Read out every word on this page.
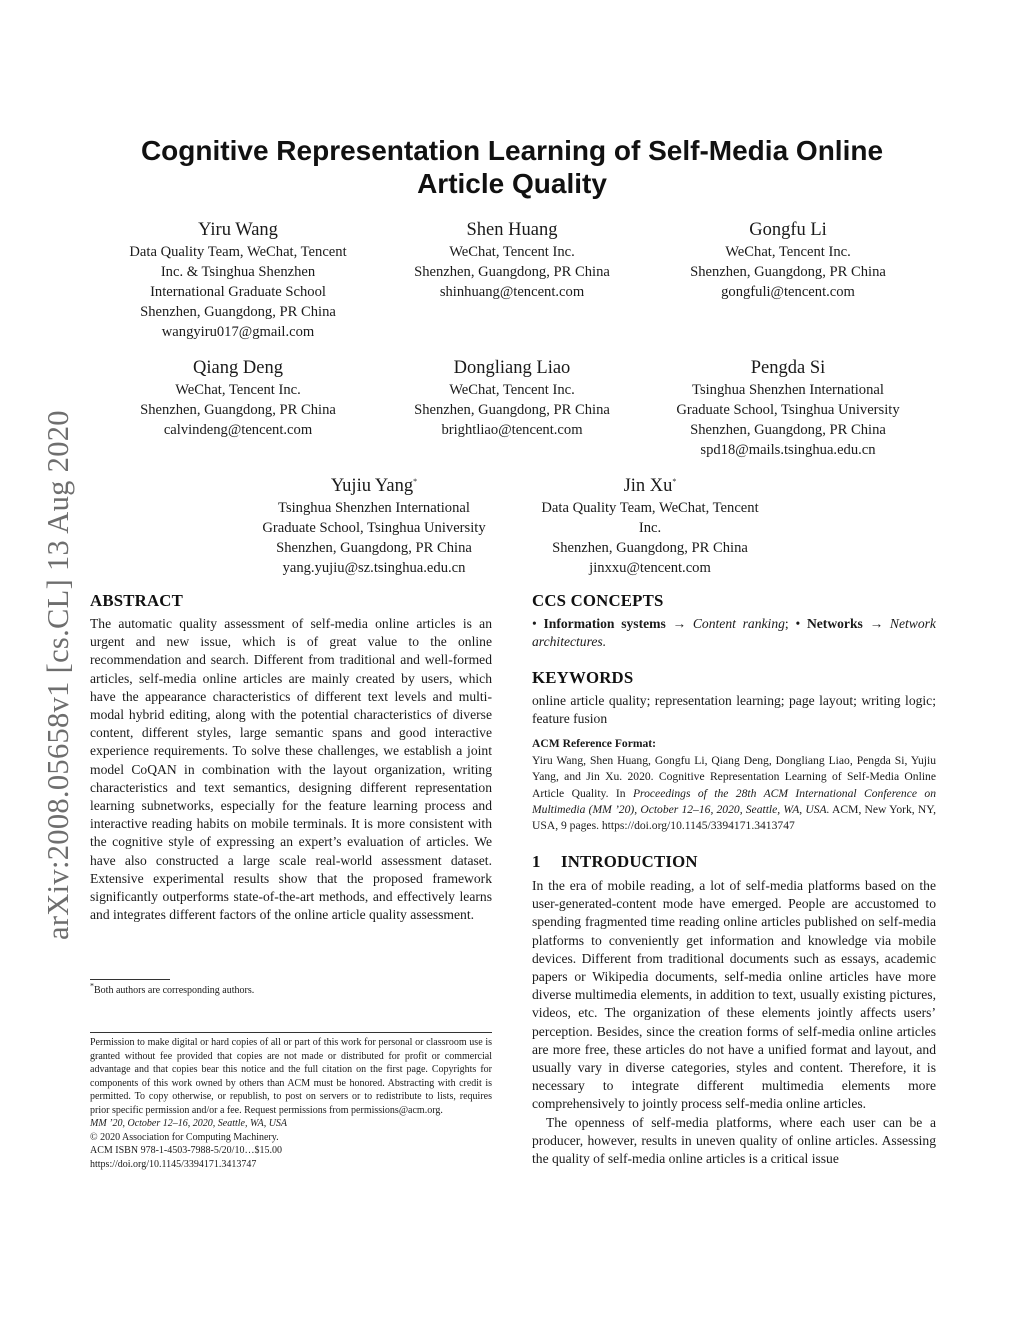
Cognitive Representation Learning of Self-Media Online
Article Quality
Yiru Wang
Data Quality Team, WeChat, Tencent
Inc. & Tsinghua Shenzhen
International Graduate School
Shenzhen, Guangdong, PR China
wangyiru017@gmail.com
Shen Huang
WeChat, Tencent Inc.
Shenzhen, Guangdong, PR China
shinhuang@tencent.com
Gongfu Li
WeChat, Tencent Inc.
Shenzhen, Guangdong, PR China
gongfuli@tencent.com
Qiang Deng
WeChat, Tencent Inc.
Shenzhen, Guangdong, PR China
calvindeng@tencent.com
Dongliang Liao
WeChat, Tencent Inc.
Shenzhen, Guangdong, PR China
brightliao@tencent.com
Pengda Si
Tsinghua Shenzhen International
Graduate School, Tsinghua University
Shenzhen, Guangdong, PR China
spd18@mails.tsinghua.edu.cn
Yujiu Yang*
Tsinghua Shenzhen International
Graduate School, Tsinghua University
Shenzhen, Guangdong, PR China
yang.yujiu@sz.tsinghua.edu.cn
Jin Xu*
Data Quality Team, WeChat, Tencent
Inc.
Shenzhen, Guangdong, PR China
jinxxu@tencent.com
arXiv:2008.05658v1 [cs.CL] 13 Aug 2020 ABSTRACT
The automatic quality assessment of self-media online articles is an urgent and new issue, which is of great value to the online recommendation and search. Different from traditional and well-formed articles, self-media online articles are mainly created by users, which have the appearance characteristics of different text levels and multi-modal hybrid editing, along with the potential characteristics of diverse content, different styles, large semantic spans and good interactive experience requirements. To solve these challenges, we establish a joint model CoQAN in combination with the layout organization, writing characteristics and text semantics, designing different representation learning subnetworks, especially for the feature learning process and interactive reading habits on mobile terminals. It is more consistent with the cognitive style of expressing an expert’s evaluation of articles. We have also constructed a large scale real-world assessment dataset. Extensive experimental results show that the proposed framework significantly outperforms state-of-the-art methods, and effectively learns and integrates different factors of the online article quality assessment.
*Both authors are corresponding authors.
Permission to make digital or hard copies of all or part of this work for personal or classroom use is granted without fee provided that copies are not made or distributed for profit or commercial advantage and that copies bear this notice and the full citation on the first page. Copyrights for components of this work owned by others than ACM must be honored. Abstracting with credit is permitted. To copy otherwise, or republish, to post on servers or to redistribute to lists, requires prior specific permission and/or a fee. Request permissions from permissions@acm.org.
MM ’20, October 12–16, 2020, Seattle, WA, USA
© 2020 Association for Computing Machinery.
ACM ISBN 978-1-4503-7988-5/20/10…$15.00
https://doi.org/10.1145/3394171.3413747
CCS CONCEPTS
• Information systems → Content ranking; • Networks → Network architectures.
KEYWORDS
online article quality; representation learning; page layout; writing logic; feature fusion
ACM Reference Format:
Yiru Wang, Shen Huang, Gongfu Li, Qiang Deng, Dongliang Liao, Pengda Si, Yujiu Yang, and Jin Xu. 2020. Cognitive Representation Learning of Self-Media Online Article Quality. In Proceedings of the 28th ACM International Conference on Multimedia (MM ’20), October 12–16, 2020, Seattle, WA, USA. ACM, New York, NY, USA, 9 pages. https://doi.org/10.1145/3394171.3413747
1 INTRODUCTION
In the era of mobile reading, a lot of self-media platforms based on the user-generated-content mode have emerged. People are accustomed to spending fragmented time reading online articles published on self-media platforms to conveniently get information and knowledge via mobile devices. Different from traditional documents such as essays, academic papers or Wikipedia documents, self-media online articles have more diverse multimedia elements, in addition to text, usually existing pictures, videos, etc. The organization of these elements jointly affects users’ perception. Besides, since the creation forms of self-media online articles are more free, these articles do not have a unified format and layout, and usually vary in diverse categories, styles and content. Therefore, it is necessary to integrate different multimedia elements more comprehensively to jointly process self-media online articles.
The openness of self-media platforms, where each user can be a producer, however, results in uneven quality of online articles. Assessing the quality of self-media online articles is a critical issue
